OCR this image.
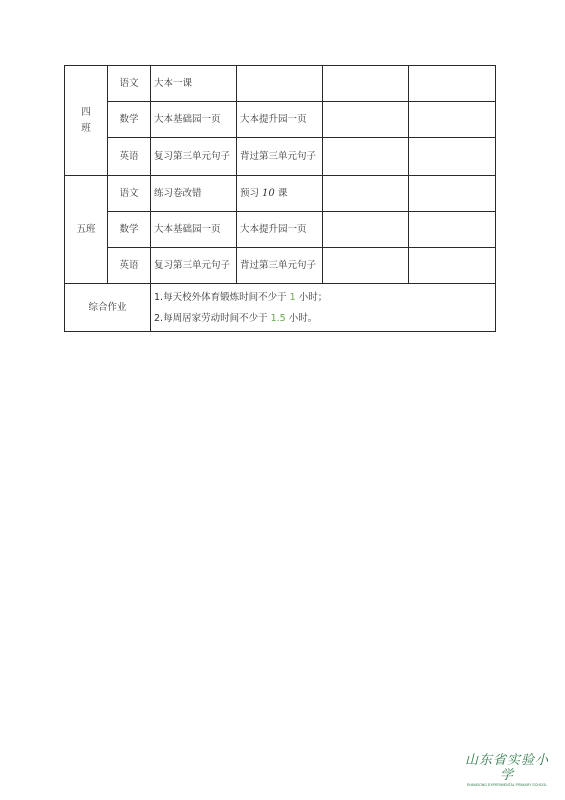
四班	语文	大本一课			
	数学	大本基础园一页	大本提升园一页		
	英语	复习第三单元句子	背过第三单元句子		
五班	语文	练习卷改错	预习 10 课		
	数学	大本基础园一页	大本提升园一页		
	英语	复习第三单元句子	背过第三单元句子		
综合作业		1.每天校外体育锻炼时间不少于 1 小时；
2.每周居家劳动时间不少于 1.5 小时。			
山东省实验小学
SHANDONG EXPERIMENTAL PRIMARY SCHOOL
